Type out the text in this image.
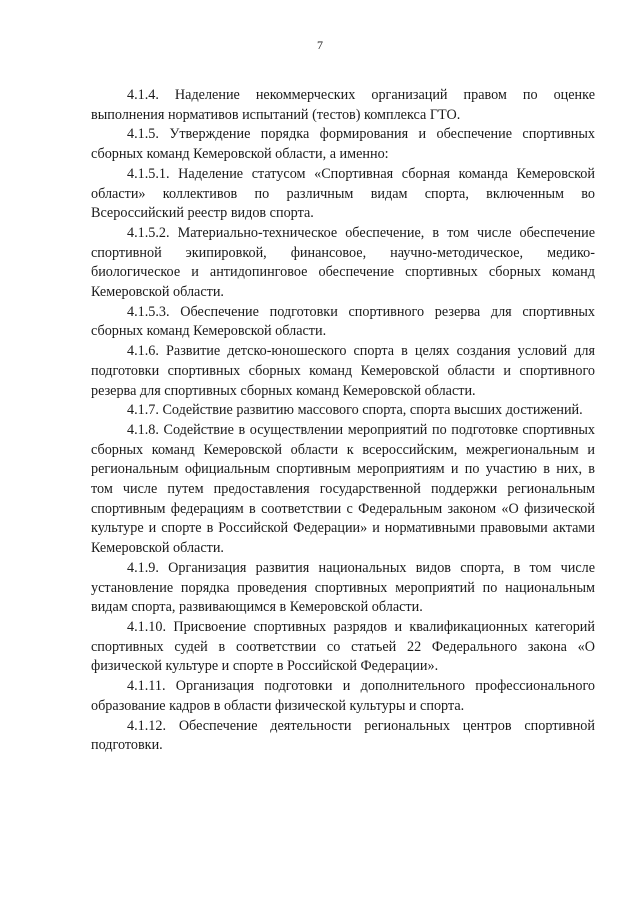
7

4.1.4. Наделение некоммерческих организаций правом по оценке выполнения нормативов испытаний (тестов) комплекса ГТО.

4.1.5. Утверждение порядка формирования и обеспечение спортивных сборных команд Кемеровской области, а именно:

4.1.5.1. Наделение статусом «Спортивная сборная команда Кемеровской области» коллективов по различным видам спорта, включенным во Всероссийский реестр видов спорта.

4.1.5.2. Материально-техническое обеспечение, в том числе обеспечение спортивной экипировкой, финансовое, научно-методическое, медико-биологическое и антидопинговое обеспечение спортивных сборных команд Кемеровской области.

4.1.5.3. Обеспечение подготовки спортивного резерва для спортивных сборных команд Кемеровской области.

4.1.6. Развитие детско-юношеского спорта в целях создания условий для подготовки спортивных сборных команд Кемеровской области и спортивного резерва для спортивных сборных команд Кемеровской области.

4.1.7. Содействие развитию массового спорта, спорта высших достижений.

4.1.8. Содействие в осуществлении мероприятий по подготовке спортивных сборных команд Кемеровской области к всероссийским, межрегиональным и региональным официальным спортивным мероприятиям и по участию в них, в том числе путем предоставления государственной поддержки региональным спортивным федерациям в соответствии с Федеральным законом «О физической культуре и спорте в Российской Федерации» и нормативными правовыми актами Кемеровской области.

4.1.9. Организация развития национальных видов спорта, в том числе установление порядка проведения спортивных мероприятий по национальным видам спорта, развивающимся в Кемеровской области.

4.1.10. Присвоение спортивных разрядов и квалификационных категорий спортивных судей в соответствии со статьей 22 Федерального закона «О физической культуре и спорте в Российской Федерации».

4.1.11. Организация подготовки и дополнительного профессионального образование кадров в области физической культуры и спорта.

4.1.12. Обеспечение деятельности региональных центров спортивной подготовки.
